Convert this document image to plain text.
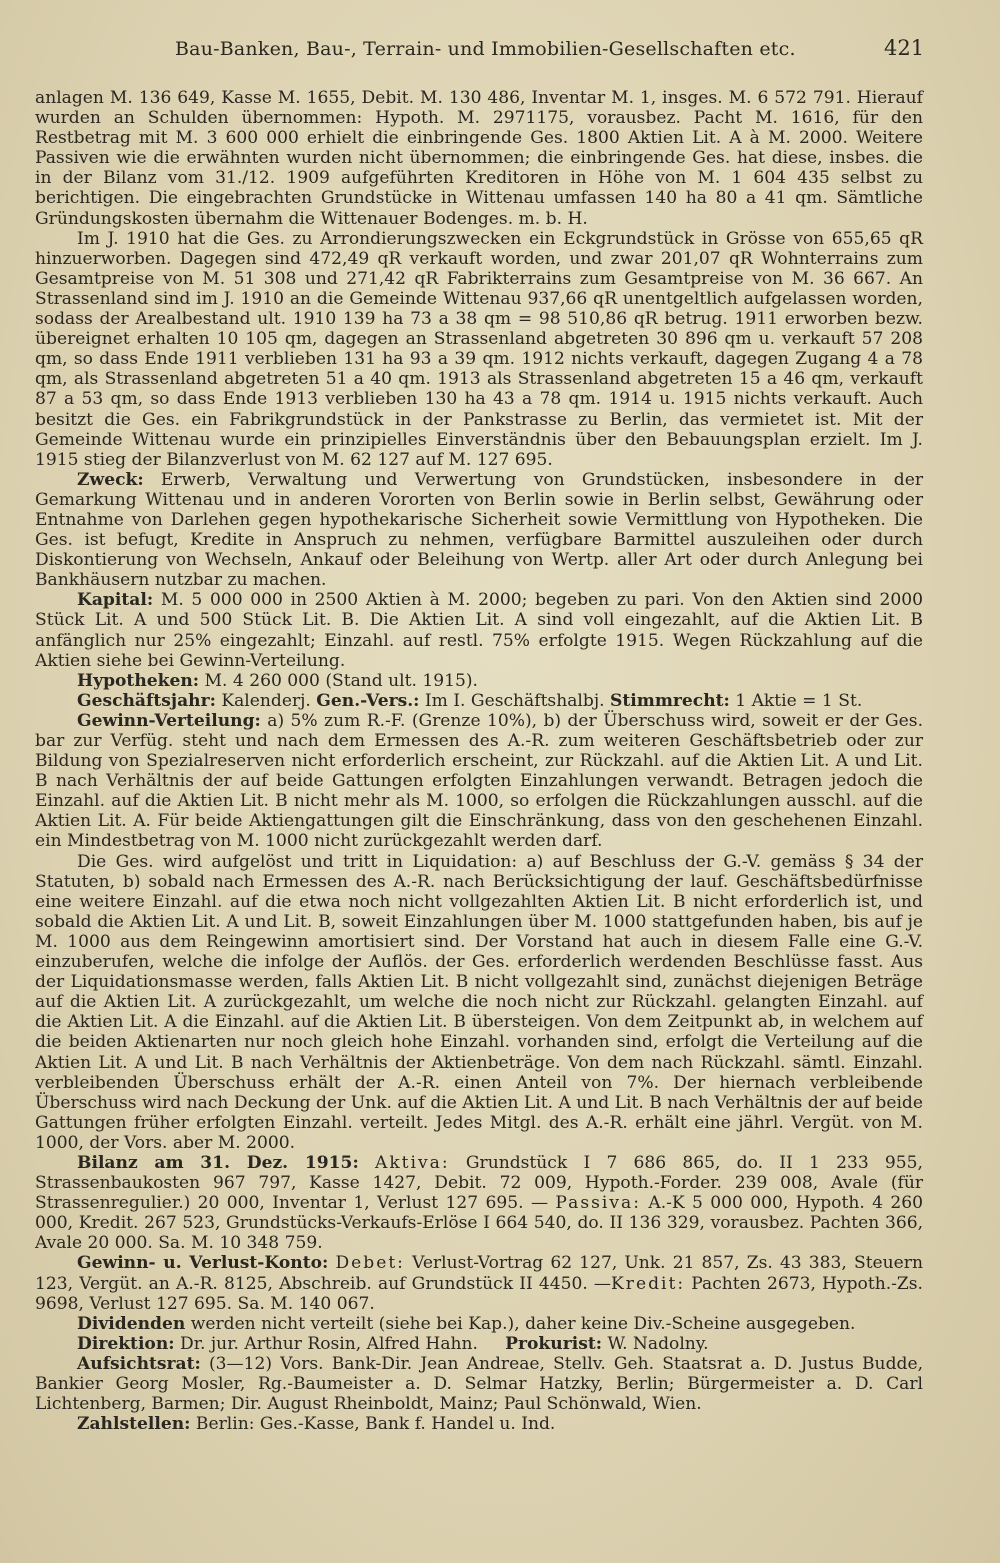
Bau-Banken, Bau-, Terrain- und Immobilien-Gesellschaften etc.	421

anlagen M. 136 649, Kasse M. 1655, Debit. M. 130 486, Inventar M. 1, insges. M. 6 572 791. Hierauf wurden an Schulden übernommen: Hypoth. M. 2971175, vorausbez. Pacht M. 1616, für den Restbetrag mit M. 3 600 000 erhielt die einbringende Ges. 1800 Aktien Lit. A à M. 2000. Weitere Passiven wie die erwähnten wurden nicht übernommen; die einbringende Ges. hat diese, insbes. die in der Bilanz vom 31./12. 1909 aufgeführten Kreditoren in Höhe von M. 1 604 435 selbst zu berichtigen. Die eingebrachten Grundstücke in Wittenau umfassen 140 ha 80 a 41 qm. Sämtliche Gründungskosten übernahm die Wittenauer Bodenges. m. b. H.

Im J. 1910 hat die Ges. zu Arrondierungszwecken ein Eckgrundstück in Grösse von 655,65 qR hinzuerworben. Dagegen sind 472,49 qR verkauft worden, und zwar 201,07 qR Wohnterrains zum Gesamtpreise von M. 51 308 und 271,42 qR Fabrikterrains zum Gesamtpreise von M. 36 667. An Strassenland sind im J. 1910 an die Gemeinde Wittenau 937,66 qR unentgeltlich aufgelassen worden, sodass der Arealbestand ult. 1910 139 ha 73 a 38 qm = 98 510,86 qR betrug. 1911 erworben bezw. übereignet erhalten 10 105 qm, dagegen an Strassenland abgetreten 30 896 qm u. verkauft 57 208 qm, so dass Ende 1911 verblieben 131 ha 93 a 39 qm. 1912 nichts verkauft, dagegen Zugang 4 a 78 qm, als Strassenland abgetreten 51 a 40 qm. 1913 als Strassenland abgetreten 15 a 46 qm, verkauft 87 a 53 qm, so dass Ende 1913 verblieben 130 ha 43 a 78 qm. 1914 u. 1915 nichts verkauft. Auch besitzt die Ges. ein Fabrikgrundstück in der Pankstrasse zu Berlin, das vermietet ist. Mit der Gemeinde Wittenau wurde ein prinzipielles Einverständnis über den Bebauungsplan erzielt. Im J. 1915 stieg der Bilanzverlust von M. 62 127 auf M. 127 695.

Zweck: Erwerb, Verwaltung und Verwertung von Grundstücken, insbesondere in der Gemarkung Wittenau und in anderen Vororten von Berlin sowie in Berlin selbst, Gewährung oder Entnahme von Darlehen gegen hypothekarische Sicherheit sowie Vermittlung von Hypotheken. Die Ges. ist befugt, Kredite in Anspruch zu nehmen, verfügbare Barmittel auszuleihen oder durch Diskontierung von Wechseln, Ankauf oder Beleihung von Wertp. aller Art oder durch Anlegung bei Bankhäusern nutzbar zu machen.

Kapital: M. 5 000 000 in 2500 Aktien à M. 2000; begeben zu pari. Von den Aktien sind 2000 Stück Lit. A und 500 Stück Lit. B. Die Aktien Lit. A sind voll eingezahlt, auf die Aktien Lit. B anfänglich nur 25% eingezahlt; Einzahl. auf restl. 75% erfolgte 1915. Wegen Rückzahlung auf die Aktien siehe bei Gewinn-Verteilung.

Hypotheken: M. 4 260 000 (Stand ult. 1915).

Geschäftsjahr: Kalenderj. Gen.-Vers.: Im I. Geschäftshalbj. Stimmrecht: 1 Aktie = 1 St.

Gewinn-Verteilung: a) 5% zum R.-F. (Grenze 10%), b) der Überschuss wird, soweit er der Ges. bar zur Verfüg. steht und nach dem Ermessen des A.-R. zum weiteren Geschäftsbetrieb oder zur Bildung von Spezialreserven nicht erforderlich erscheint, zur Rückzahl. auf die Aktien Lit. A und Lit. B nach Verhältnis der auf beide Gattungen erfolgten Einzahlungen verwandt. Betragen jedoch die Einzahl. auf die Aktien Lit. B nicht mehr als M. 1000, so erfolgen die Rückzahlungen ausschl. auf die Aktien Lit. A. Für beide Aktiengattungen gilt die Einschränkung, dass von den geschehenen Einzahl. ein Mindestbetrag von M. 1000 nicht zurückgezahlt werden darf.

Die Ges. wird aufgelöst und tritt in Liquidation: a) auf Beschluss der G.-V. gemäss § 34 der Statuten, b) sobald nach Ermessen des A.-R. nach Berücksichtigung der lauf. Geschäftsbedürfnisse eine weitere Einzahl. auf die etwa noch nicht vollgezahlten Aktien Lit. B nicht erforderlich ist, und sobald die Aktien Lit. A und Lit. B, soweit Einzahlungen über M. 1000 stattgefunden haben, bis auf je M. 1000 aus dem Reingewinn amortisiert sind. Der Vorstand hat auch in diesem Falle eine G.-V. einzuberufen, welche die infolge der Auflös. der Ges. erforderlich werdenden Beschlüsse fasst. Aus der Liquidationsmasse werden, falls Aktien Lit. B nicht vollgezahlt sind, zunächst diejenigen Beträge auf die Aktien Lit. A zurückgezahlt, um welche die noch nicht zur Rückzahl. gelangten Einzahl. auf die Aktien Lit. A die Einzahl. auf die Aktien Lit. B übersteigen. Von dem Zeitpunkt ab, in welchem auf die beiden Aktienarten nur noch gleich hohe Einzahl. vorhanden sind, erfolgt die Verteilung auf die Aktien Lit. A und Lit. B nach Verhältnis der Aktienbeträge. Von dem nach Rückzahl. sämtl. Einzahl. verbleibenden Überschuss erhält der A.-R. einen Anteil von 7%. Der hiernach verbleibende Überschuss wird nach Deckung der Unk. auf die Aktien Lit. A und Lit. B nach Verhältnis der auf beide Gattungen früher erfolgten Einzahl. verteilt. Jedes Mitgl. des A.-R. erhält eine jährl. Vergüt. von M. 1000, der Vors. aber M. 2000.

Bilanz am 31. Dez. 1915: Aktiva: Grundstück I 7 686 865, do. II 1 233 955, Strassenbaukosten 967 797, Kasse 1427, Debit. 72 009, Hypoth.-Forder. 239 008, Avale (für Strassenregulier.) 20 000, Inventar 1, Verlust 127 695. — Passiva: A.-K 5 000 000, Hypoth. 4 260 000, Kredit. 267 523, Grundstücks-Verkaufs-Erlöse I 664 540, do. II 136 329, vorausbez. Pachten 366, Avale 20 000. Sa. M. 10 348 759.

Gewinn- u. Verlust-Konto: Debet: Verlust-Vortrag 62 127, Unk. 21 857, Zs. 43 383, Steuern 123, Vergüt. an A.-R. 8125, Abschreib. auf Grundstück II 4450. —Kredit: Pachten 2673, Hypoth.-Zs. 9698, Verlust 127 695. Sa. M. 140 067.

Dividenden werden nicht verteilt (siehe bei Kap.), daher keine Div.-Scheine ausgegeben.

Direktion: Dr. jur. Arthur Rosin, Alfred Hahn. Prokurist: W. Nadolny.

Aufsichtsrat: (3—12) Vors. Bank-Dir. Jean Andreae, Stellv. Geh. Staatsrat a. D. Justus Budde, Bankier Georg Mosler, Rg.-Baumeister a. D. Selmar Hatzky, Berlin; Bürgermeister a. D. Carl Lichtenberg, Barmen; Dir. August Rheinboldt, Mainz; Paul Schönwald, Wien.

Zahlstellen: Berlin: Ges.-Kasse, Bank f. Handel u. Ind.
